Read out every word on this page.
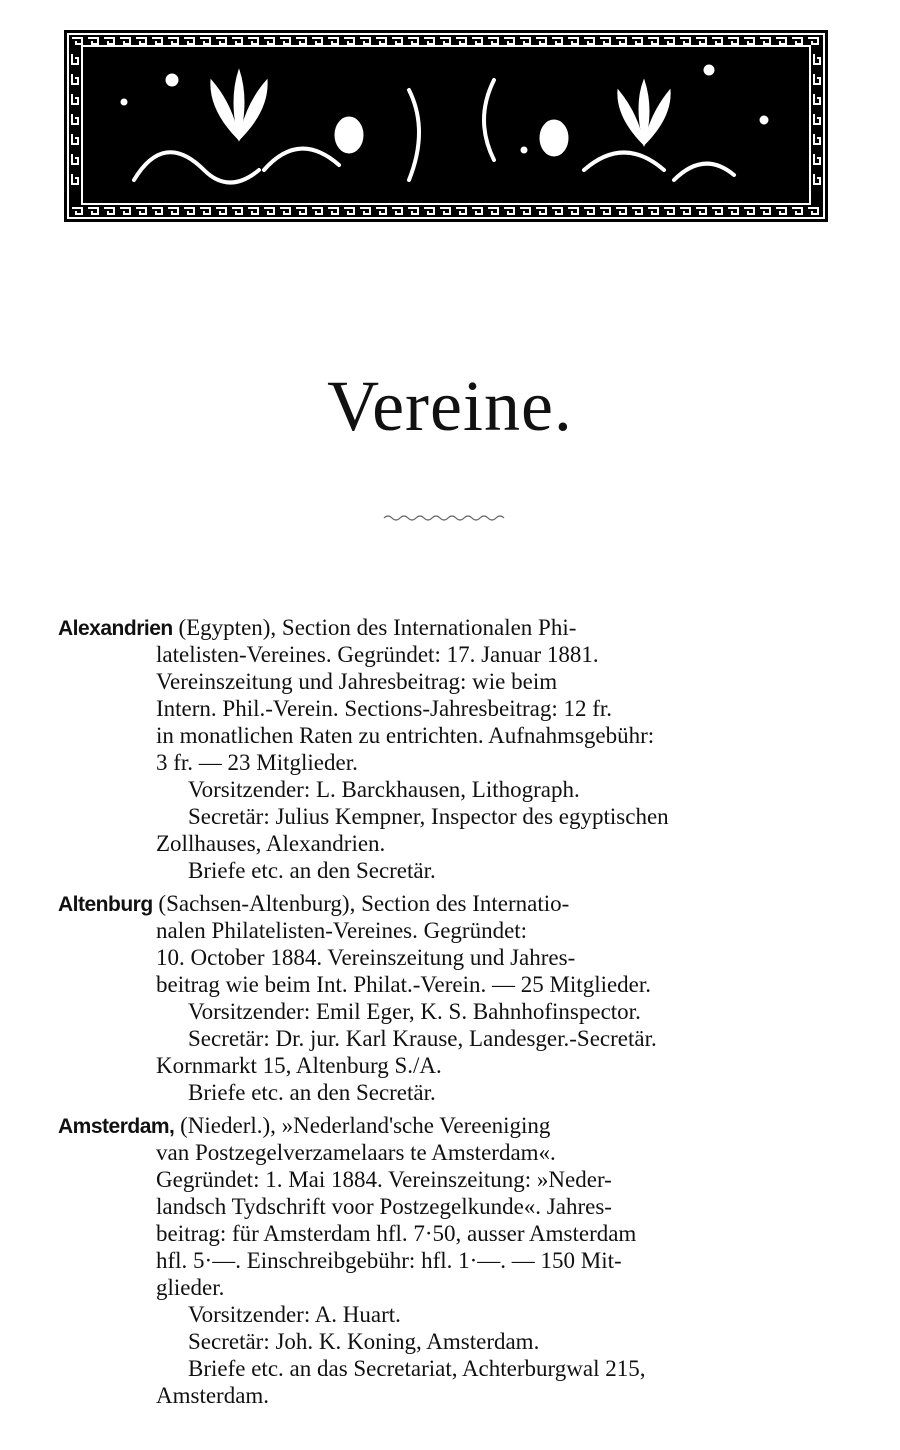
Vereine.
Alexandrien (Egypten), Section des Internationalen Phi-
latelisten-Vereines. Gegründet: 17. Januar 1881.
Vereinszeitung und Jahresbeitrag: wie beim
Intern. Phil.-Verein. Sections-Jahresbeitrag: 12 fr.
in monatlichen Raten zu entrichten. Aufnahmsgebühr:
3 fr. — 23 Mitglieder.
Vorsitzender: L. Barckhausen, Lithograph.
Secretär: Julius Kempner, Inspector des egyptischen
Zollhauses, Alexandrien.
Briefe etc. an den Secretär.
Altenburg (Sachsen-Altenburg), Section des Internatio-
nalen Philatelisten-Vereines. Gegründet:
10. October 1884. Vereinszeitung und Jahres-
beitrag wie beim Int. Philat.-Verein. — 25 Mitglieder.
Vorsitzender: Emil Eger, K. S. Bahnhofinspector.
Secretär: Dr. jur. Karl Krause, Landesger.-Secretär.
Kornmarkt 15, Altenburg S./A.
Briefe etc. an den Secretär.
Amsterdam, (Niederl.), »Nederland'sche Vereeniging
van Postzegelverzamelaars te Amsterdam«.
Gegründet: 1. Mai 1884. Vereinszeitung: »Neder-
landsch Tydschrift voor Postzegelkunde«. Jahres-
beitrag: für Amsterdam hfl. 7·50, ausser Amsterdam
hfl. 5·—. Einschreibgebühr: hfl. 1·—. — 150 Mit-
glieder.
Vorsitzender: A. Huart.
Secretär: Joh. K. Koning, Amsterdam.
Briefe etc. an das Secretariat, Achterburgwal 215,
Amsterdam.
